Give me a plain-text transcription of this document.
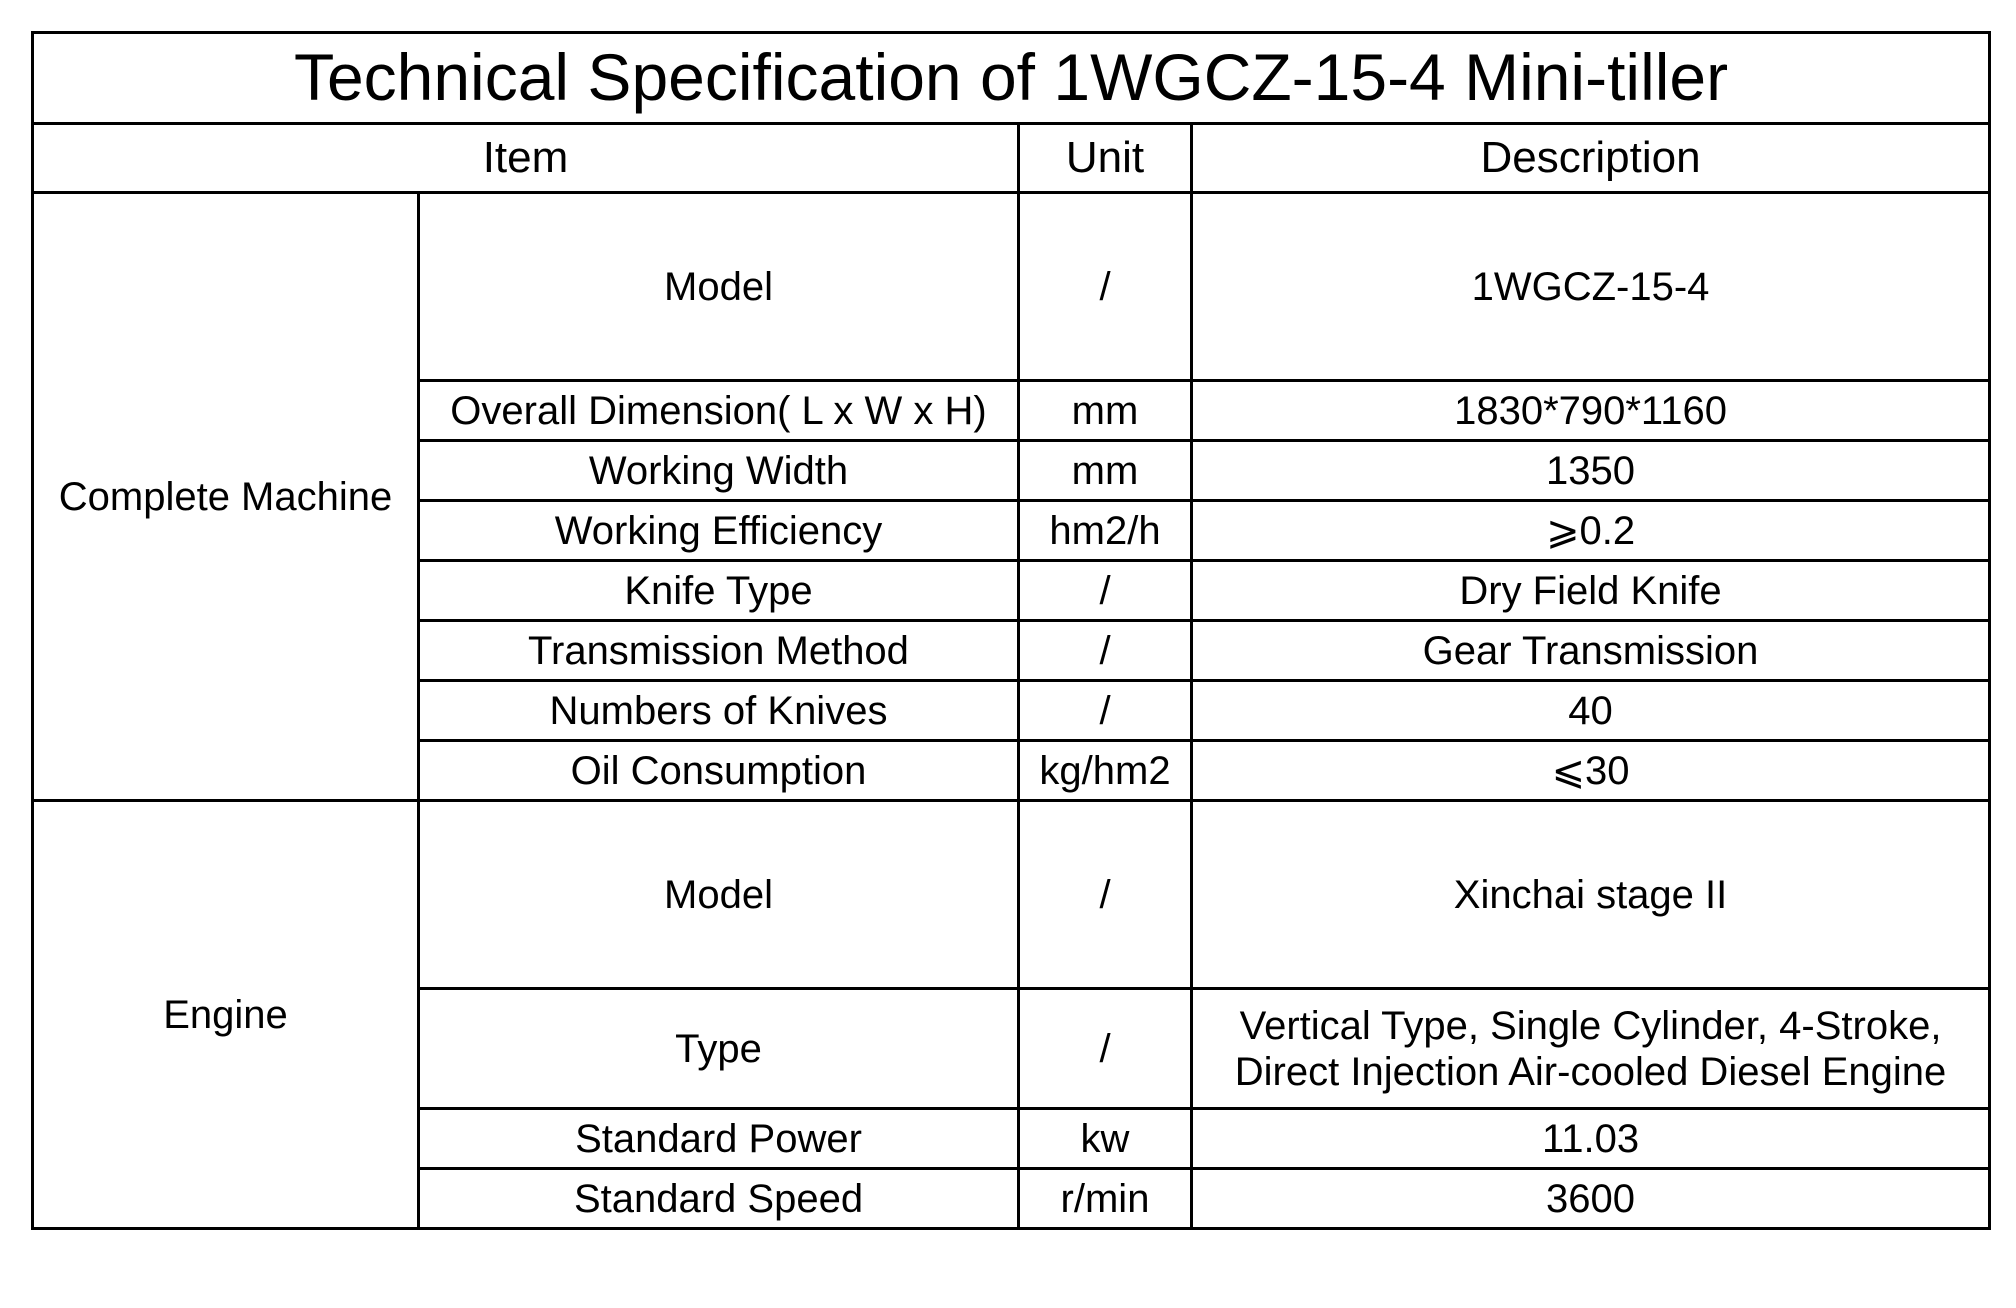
Technical Specification of 1WGCZ-15-4 Mini-tiller			
Item		Unit	Description
Complete Machine	Model	/	1WGCZ-15-4
	Overall Dimension( L x W x H)	mm	1830*790*1160
	Working Width	mm	1350
	Working Efficiency	hm2/h	⩾0.2
	Knife Type	/	Dry Field Knife
	Transmission Method	/	Gear Transmission
	Numbers of Knives	/	40
	Oil Consumption	kg/hm2	⩽30
Engine	Model	/	Xinchai stage II
	Type	/	Vertical Type, Single Cylinder, 4-Stroke,
Direct Injection Air-cooled Diesel Engine

	Standard Power	kw	11.03
	Standard Speed	r/min	3600
